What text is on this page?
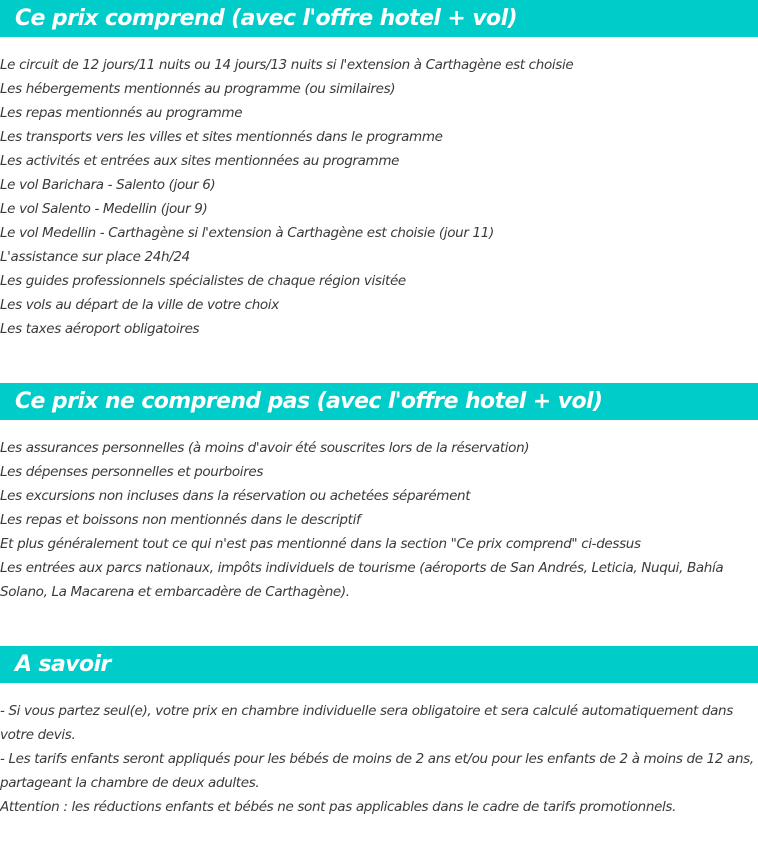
Ce prix comprend (avec l'offre hotel + vol)
Le circuit de 12 jours/11 nuits ou 14 jours/13 nuits si l'extension à Carthagène est choisie
Les hébergements mentionnés au programme (ou similaires)
Les repas mentionnés au programme
Les transports vers les villes et sites mentionnés dans le programme
Les activités et entrées aux sites mentionnées au programme
Le vol Barichara - Salento (jour 6)
Le vol Salento - Medellin (jour 9)
Le vol Medellin - Carthagène si l'extension à Carthagène est choisie (jour 11)
L'assistance sur place 24h/24
Les guides professionnels spécialistes de chaque région visitée
Les vols au départ de la ville de votre choix
Les taxes aéroport obligatoires
Ce prix ne comprend pas (avec l'offre hotel + vol)
Les assurances personnelles (à moins d'avoir été souscrites lors de la réservation)
Les dépenses personnelles et pourboires
Les excursions non incluses dans la réservation ou achetées séparément
Les repas et boissons non mentionnés dans le descriptif
Et plus généralement tout ce qui n'est pas mentionné dans la section "Ce prix comprend" ci-dessus
Les entrées aux parcs nationaux, impôts individuels de tourisme (aéroports de San Andrés, Leticia, Nuqui, Bahía Solano, La Macarena et embarcadère de Carthagène).
A savoir
- Si vous partez seul(e), votre prix en chambre individuelle sera obligatoire et sera calculé automatiquement dans votre devis.
- Les tarifs enfants seront appliqués pour les bébés de moins de 2 ans et/ou pour les enfants de 2 à moins de 12 ans, partageant la chambre de deux adultes.
Attention : les réductions enfants et bébés ne sont pas applicables dans le cadre de tarifs promotionnels.
